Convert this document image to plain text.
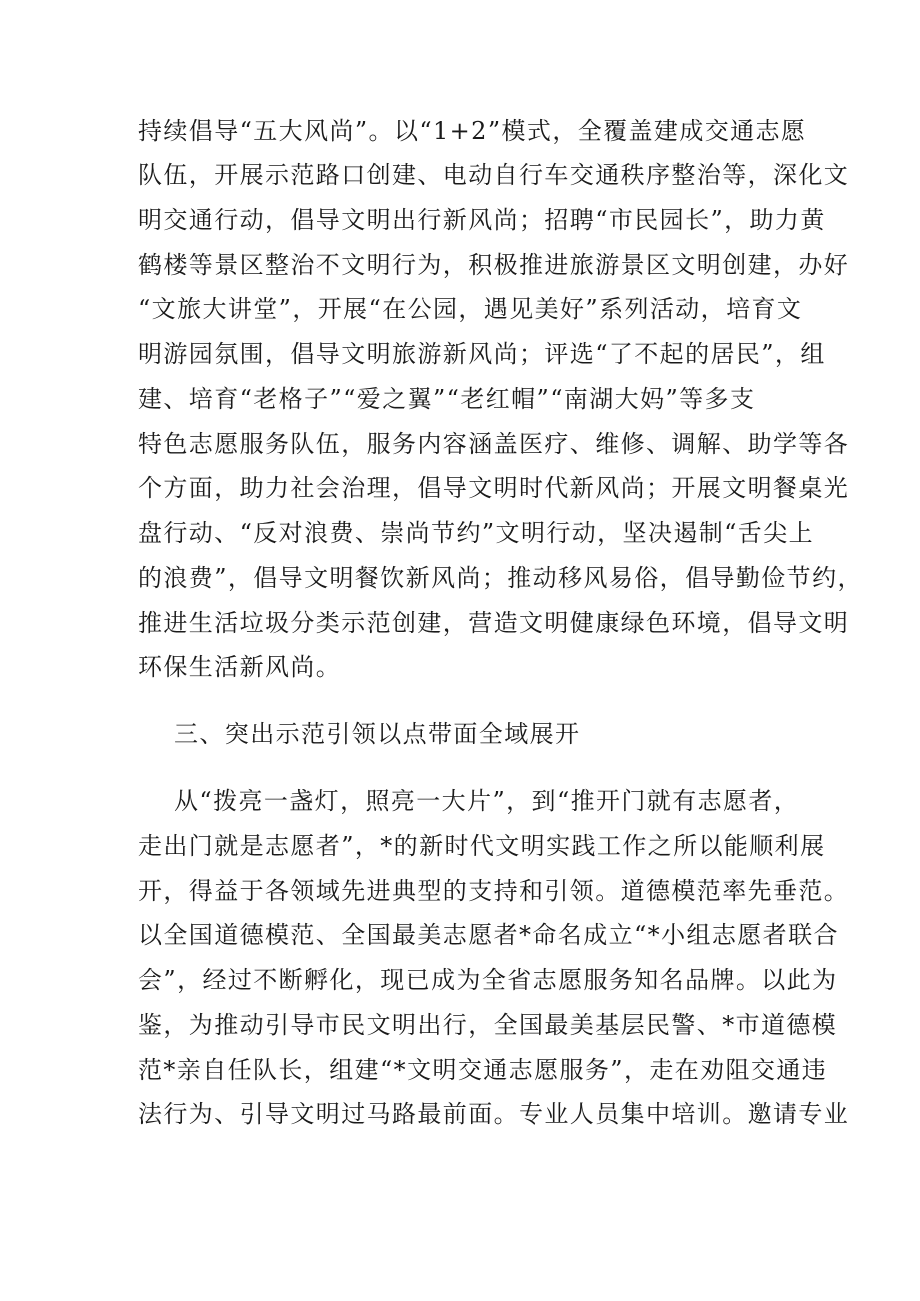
持续倡导“五大风尚”。以“1+2”模式，全覆盖建成交通志愿
队伍，开展示范路口创建、电动自行车交通秩序整治等，深化文
明交通行动，倡导文明出行新风尚；招聘“市民园长”，助力黄
鹤楼等景区整治不文明行为，积极推进旅游景区文明创建，办好
“文旅大讲堂”，开展“在公园，遇见美好”系列活动，培育文
明游园氛围，倡导文明旅游新风尚；评选“了不起的居民”，组
建、培育“老格子”“爱之翼”“老红帽”“南湖大妈”等多支
特色志愿服务队伍，服务内容涵盖医疗、维修、调解、助学等各
个方面，助力社会治理，倡导文明时代新风尚；开展文明餐桌光
盘行动、“反对浪费、崇尚节约”文明行动，坚决遏制“舌尖上
的浪费”，倡导文明餐饮新风尚；推动移风易俗，倡导勤俭节约，
推进生活垃圾分类示范创建，营造文明健康绿色环境，倡导文明
环保生活新风尚。
三、突出示范引领以点带面全域展开
从“拨亮一盏灯，照亮一大片”，到“推开门就有志愿者，
走出门就是志愿者”，*的新时代文明实践工作之所以能顺利展
开，得益于各领域先进典型的支持和引领。道德模范率先垂范。
以全国道德模范、全国最美志愿者*命名成立“*小组志愿者联合
会”，经过不断孵化，现已成为全省志愿服务知名品牌。以此为
鉴，为推动引导市民文明出行，全国最美基层民警、*市道德模
范*亲自任队长，组建“*文明交通志愿服务”，走在劝阻交通违
法行为、引导文明过马路最前面。专业人员集中培训。邀请专业
